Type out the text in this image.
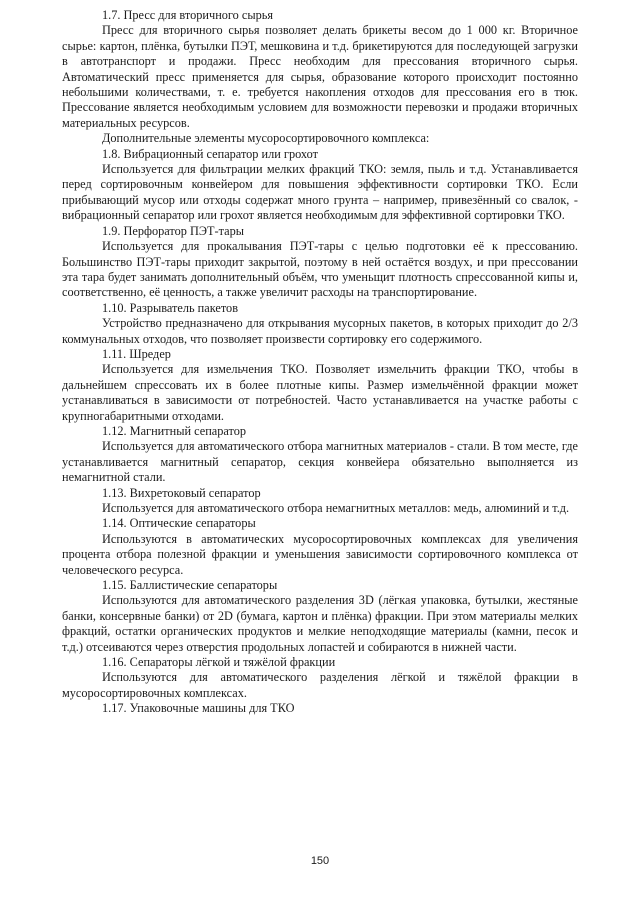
1.7. Пресс для вторичного сырья

Пресс для вторичного сырья позволяет делать брикеты весом до 1 000 кг. Вторичное сырье: картон, плёнка, бутылки ПЭТ, мешковина и т.д. брикетируются для последующей загрузки в автотранспорт и продажи. Пресс необходим для прессования вторичного сырья. Автоматический пресс применяется для сырья, образование которого происходит постоянно небольшими количествами, т. е. требуется накопления отходов для прессования его в тюк. Прессование является необходимым условием для возможности перевозки и продажи вторичных материальных ресурсов.

Дополнительные элементы мусоросортировочного комплекса:

1.8. Вибрационный сепаратор или грохот

Используется для фильтрации мелких фракций ТКО: земля, пыль и т.д. Устанавливается перед сортировочным конвейером для повышения эффективности сортировки ТКО. Если прибывающий мусор или отходы содержат много грунта – например, привезённый со свалок, - вибрационный сепаратор или грохот является необходимым для эффективной сортировки ТКО.

1.9. Перфоратор ПЭТ-тары

Используется для прокалывания ПЭТ-тары с целью подготовки её к прессованию. Большинство ПЭТ-тары приходит закрытой, поэтому в ней остаётся воздух, и при прессовании эта тара будет занимать дополнительный объём, что уменьщит плотность спрессованной кипы и, соответственно, её ценность, а также увеличит расходы на транспортирование.

1.10. Разрыватель пакетов

Устройство предназначено для открывания мусорных пакетов, в которых приходит до 2/3 коммунальных отходов, что позволяет произвести сортировку его содержимого.

1.11. Шредер

Используется для измельчения ТКО. Позволяет измельчить фракции ТКО, чтобы в дальнейшем спрессовать их в более плотные кипы. Размер измельчённой фракции может устанавливаться в зависимости от потребностей. Часто устанавливается на участке работы с крупногабаритными отходами.

1.12. Магнитный сепаратор

Используется для автоматического отбора магнитных материалов - стали. В том месте, где устанавливается магнитный сепаратор, секция конвейера обязательно выполняется из немагнитной стали.

1.13. Вихретоковый сепаратор

Используется для автоматического отбора немагнитных металлов: медь, алюминий и т.д.

1.14. Оптические сепараторы

Используются в автоматических мусоросортировочных комплексах для увеличения процента отбора полезной фракции и уменьшения зависимости сортировочного комплекса от человеческого ресурса.

1.15. Баллистические сепараторы

Используются для автоматического разделения 3D (лёгкая упаковка, бутылки, жестяные банки, консервные банки) от 2D (бумага, картон и плёнка) фракции. При этом материалы мелких фракций, остатки органических продуктов и мелкие неподходящие материалы (камни, песок и т.д.) отсеиваются через отверстия продольных лопастей и собираются в нижней части.

1.16. Сепараторы лёгкой и тяжёлой фракции

Используются для автоматического разделения лёгкой и тяжёлой фракции в мусоросортировочных комплексах.

1.17. Упаковочные машины для ТКО

150
